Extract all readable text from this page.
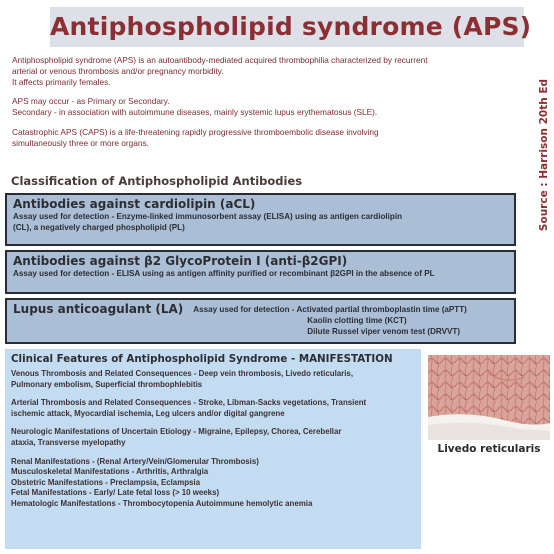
Antiphospholipid syndrome (APS)
Source : Harrison 20th Ed

Antiphospholipid syndrome (APS) is an autoantibody-mediated acquired thrombophilia characterized by recurrent
arterial or venous thrombosis and/or pregnancy morbidity.
It affects primarily females.

APS may occur - as Primary or Secondary.
Secondary - in association with autoimmune diseases, mainly systemic lupus erythematosus (SLE).

Catastrophic APS (CAPS) is a life-threatening rapidly progressive thromboembolic disease involving
simultaneously three or more organs.

Classification of Antiphospholipid Antibodies
Antibodies against cardiolipin (aCL)
Assay used for detection - Enzyme-linked immunosorbent assay (ELISA) using as antigen cardiolipin
(CL), a negatively charged phospholipid (PL)
Antibodies against β2 GlycoProtein I (anti-β2GPI)
Assay used for detection - ELISA using as antigen affinity purified or recombinant β2GPI in the absence of PL
Lupus anticoagulant (LA) Assay used for detection - Activated partial thromboplastin time (aPTT)
Kaolin clotting time (KCT)
Dilute Russel viper venom test (DRVVT)
Clinical Features of Antiphospholipid Syndrome - MANIFESTATION
Venous Thrombosis and Related Consequences - Deep vein thrombosis, Livedo reticularis,
Pulmonary embolism, Superficial thrombophlebitis
Arterial Thrombosis and Related Consequences - Stroke, Libman-Sacks vegetations, Transient
ischemic attack, Myocardial ischemia, Leg ulcers and/or digital gangrene
Neurologic Manifestations of Uncertain Etiology - Migraine, Epilepsy, Chorea, Cerebellar
ataxia, Transverse myelopathy
Renal Manifestations - (Renal Artery/Vein/Glomerular Thrombosis)
Musculoskeletal Manifestations - Arthritis, Arthralgia
Obstetric Manifestations - Preclampsia, Eclampsia
Fetal Manifestations - Early/ Late fetal loss (> 10 weeks)
Hematologic Manifestations - Thrombocytopenia Autoimmune hemolytic anemia
Livedo reticularis
